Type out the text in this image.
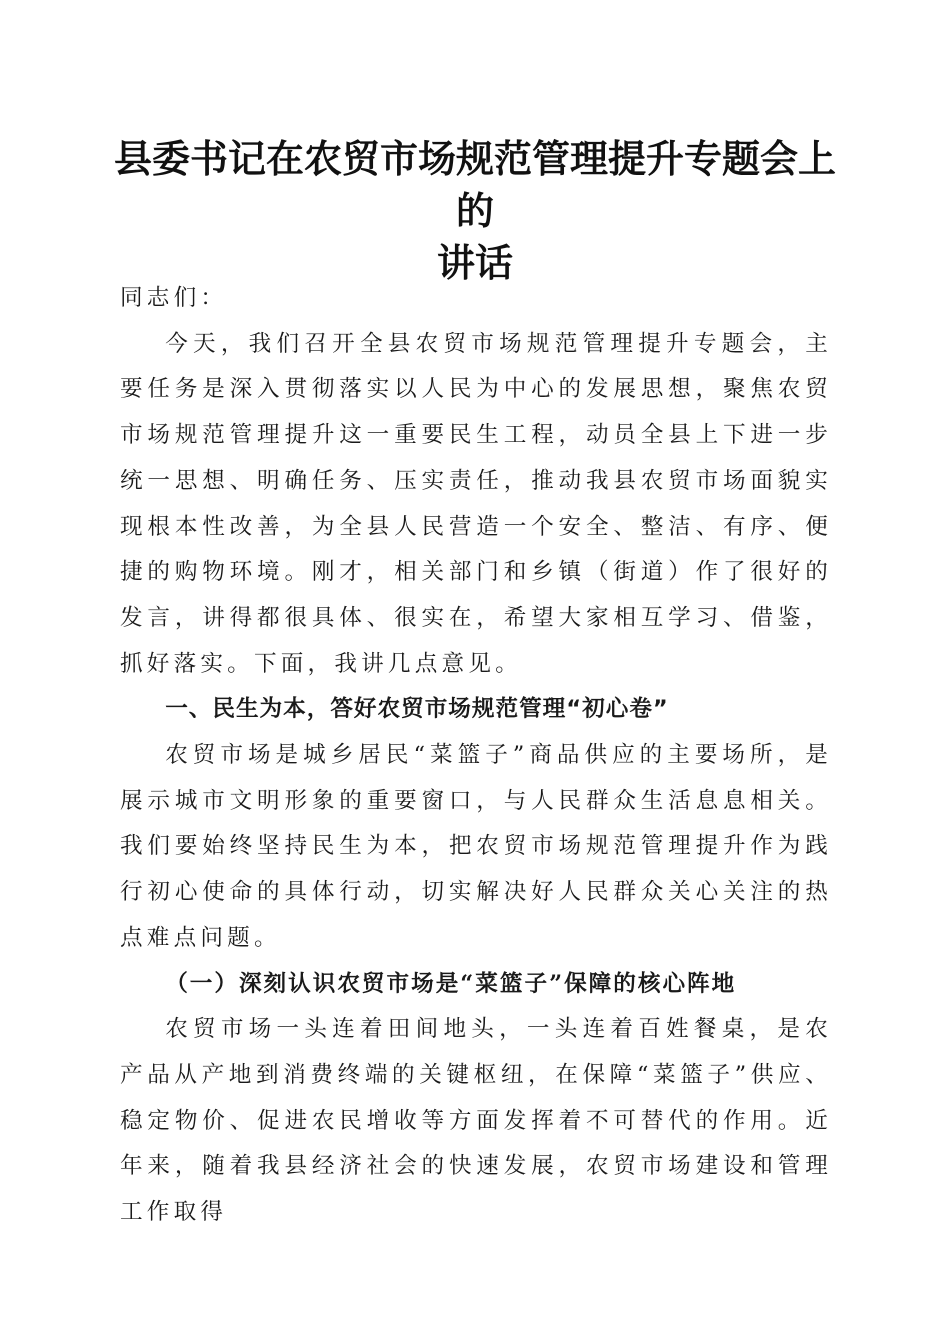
县委书记在农贸市场规范管理提升专题会上的
讲话

同志们：

今天，我们召开全县农贸市场规范管理提升专题会，主要任务是深入贯彻落实以人民为中心的发展思想，聚焦农贸市场规范管理提升这一重要民生工程，动员全县上下进一步统一思想、明确任务、压实责任，推动我县农贸市场面貌实现根本性改善，为全县人民营造一个安全、整洁、有序、便捷的购物环境。刚才，相关部门和乡镇（街道）作了很好的发言，讲得都很具体、很实在，希望大家相互学习、借鉴，抓好落实。下面，我讲几点意见。

一、民生为本，答好农贸市场规范管理“初心卷”

农贸市场是城乡居民“菜篮子”商品供应的主要场所，是展示城市文明形象的重要窗口，与人民群众生活息息相关。我们要始终坚持民生为本，把农贸市场规范管理提升作为践行初心使命的具体行动，切实解决好人民群众关心关注的热点难点问题。

（一）深刻认识农贸市场是“菜篮子”保障的核心阵地

农贸市场一头连着田间地头，一头连着百姓餐桌，是农产品从产地到消费终端的关键枢纽，在保障“菜篮子”供应、稳定物价、促进农民增收等方面发挥着不可替代的作用。近年来，随着我县经济社会的快速发展，农贸市场建设和管理工作取得
